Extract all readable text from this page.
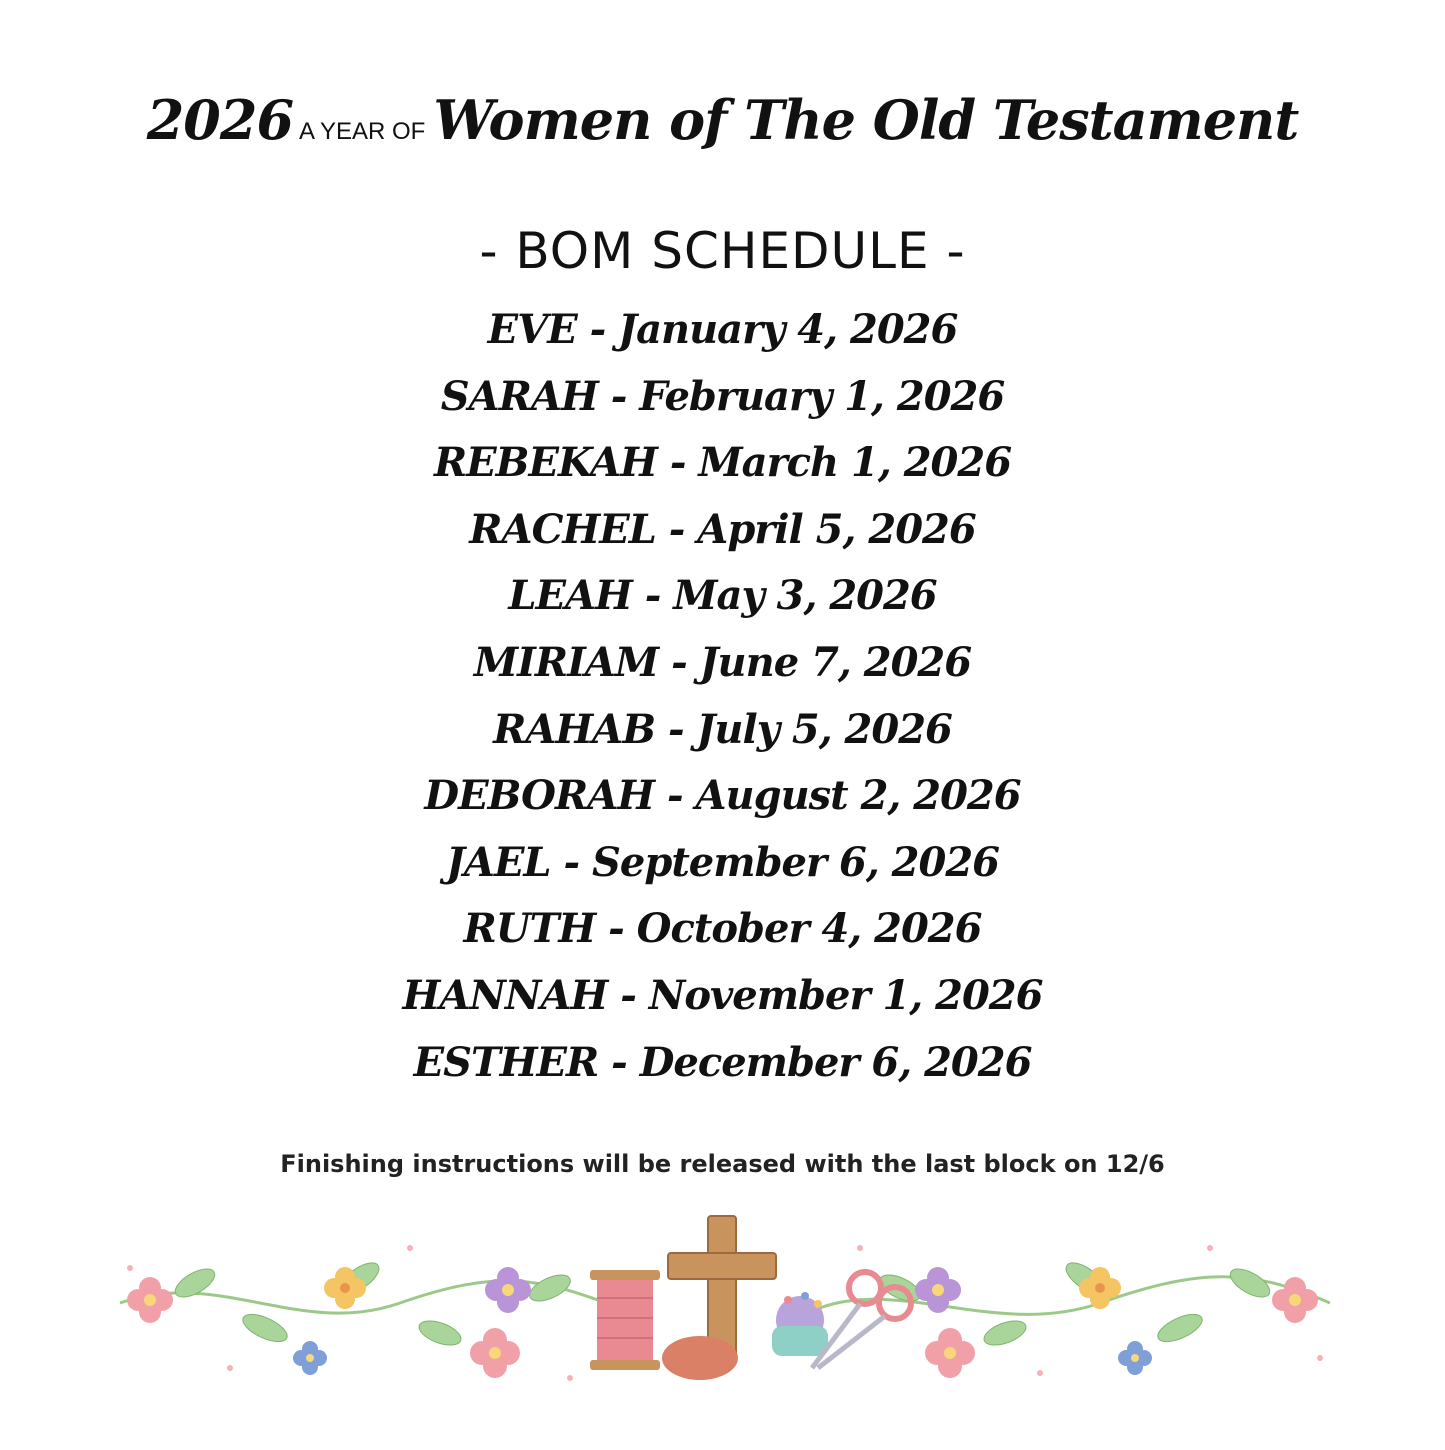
2026 A YEAR OF Women of The Old Testament
- BOM SCHEDULE -
EVE - January 4, 2026
SARAH - February 1, 2026
REBEKAH - March 1, 2026
RACHEL - April 5, 2026
LEAH - May 3, 2026
MIRIAM - June 7, 2026
RAHAB - July 5, 2026
DEBORAH - August 2, 2026
JAEL - September 6, 2026
RUTH - October 4, 2026
HANNAH - November 1, 2026
ESTHER - December 6, 2026
Finishing instructions will be released with the last block on 12/6
